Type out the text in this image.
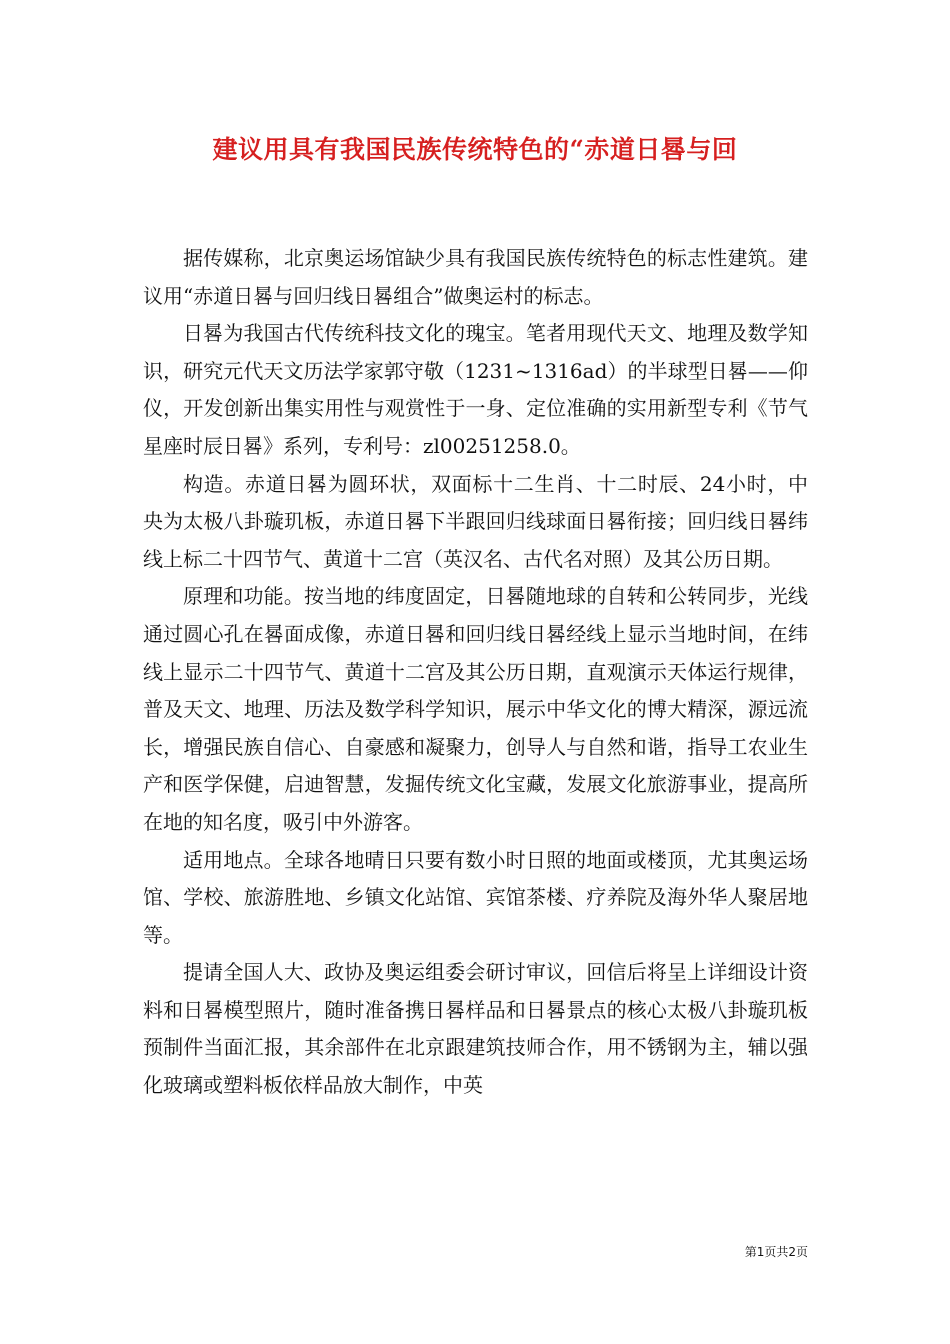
建议用具有我国民族传统特色的“赤道日晷与回

据传媒称，北京奥运场馆缺少具有我国民族传统特色的标志性建筑。建议用“赤道日晷与回归线日晷组合”做奥运村的标志。

日晷为我国古代传统科技文化的瑰宝。笔者用现代天文、地理及数学知识，研究元代天文历法学家郭守敬（1231~1316ad）的半球型日晷——仰仪，开发创新出集实用性与观赏性于一身、定位准确的实用新型专利《节气星座时辰日晷》系列，专利号：zl00251258.0。

构造。赤道日晷为圆环状，双面标十二生肖、十二时辰、24小时，中央为太极八卦璇玑板，赤道日晷下半跟回归线球面日晷衔接；回归线日晷纬线上标二十四节气、黄道十二宫（英汉名、古代名对照）及其公历日期。

原理和功能。按当地的纬度固定，日晷随地球的自转和公转同步，光线通过圆心孔在晷面成像，赤道日晷和回归线日晷经线上显示当地时间，在纬线上显示二十四节气、黄道十二宫及其公历日期，直观演示天体运行规律，普及天文、地理、历法及数学科学知识，展示中华文化的博大精深，源远流长，增强民族自信心、自豪感和凝聚力，创导人与自然和谐，指导工农业生产和医学保健，启迪智慧，发掘传统文化宝藏，发展文化旅游事业，提高所在地的知名度，吸引中外游客。

适用地点。全球各地晴日只要有数小时日照的地面或楼顶，尤其奥运场馆、学校、旅游胜地、乡镇文化站馆、宾馆茶楼、疗养院及海外华人聚居地等。

提请全国人大、政协及奥运组委会研讨审议，回信后将呈上详细设计资料和日晷模型照片，随时准备携日晷样品和日晷景点的核心太极八卦璇玑板预制件当面汇报，其余部件在北京跟建筑技师合作，用不锈钢为主，辅以强化玻璃或塑料板依样品放大制作，中英

第1页共2页
